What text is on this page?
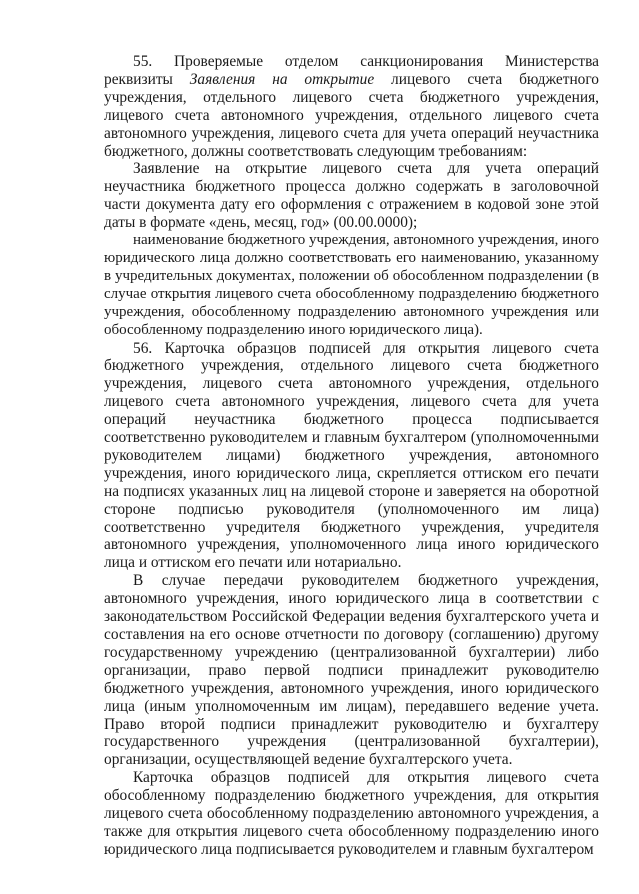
55. Проверяемые отделом санкционирования Министерства реквизиты Заявления на открытие лицевого счета бюджетного учреждения, отдельного лицевого счета бюджетного учреждения, лицевого счета автономного учреждения, отдельного лицевого счета автономного учреждения, лицевого счета для учета операций неучастника бюджетного, должны соответствовать следующим требованиям:

Заявление на открытие лицевого счета для учета операций неучастника бюджетного процесса должно содержать в заголовочной части документа дату его оформления с отражением в кодовой зоне этой даты в формате «день, месяц, год» (00.00.0000);

наименование бюджетного учреждения, автономного учреждения, иного юридического лица должно соответствовать его наименованию, указанному в учредительных документах, положении об обособленном подразделении (в случае открытия лицевого счета обособленному подразделению бюджетного учреждения, обособленному подразделению автономного учреждения или обособленному подразделению иного юридического лица).

56. Карточка образцов подписей для открытия лицевого счета бюджетного учреждения, отдельного лицевого счета бюджетного учреждения, лицевого счета автономного учреждения, отдельного лицевого счета автономного учреждения, лицевого счета для учета операций неучастника бюджетного процесса подписывается соответственно руководителем и главным бухгалтером (уполномоченными руководителем лицами) бюджетного учреждения, автономного учреждения, иного юридического лица, скрепляется оттиском его печати на подписях указанных лиц на лицевой стороне и заверяется на оборотной стороне подписью руководителя (уполномоченного им лица) соответственно учредителя бюджетного учреждения, учредителя автономного учреждения, уполномоченного лица иного юридического лица и оттиском его печати или нотариально.

В случае передачи руководителем бюджетного учреждения, автономного учреждения, иного юридического лица в соответствии с законодательством Российской Федерации ведения бухгалтерского учета и составления на его основе отчетности по договору (соглашению) другому государственному учреждению (централизованной бухгалтерии) либо организации, право первой подписи принадлежит руководителю бюджетного учреждения, автономного учреждения, иного юридического лица (иным уполномоченным им лицам), передавшего ведение учета. Право второй подписи принадлежит руководителю и бухгалтеру государственного учреждения (централизованной бухгалтерии), организации, осуществляющей ведение бухгалтерского учета.

Карточка образцов подписей для открытия лицевого счета обособленному подразделению бюджетного учреждения, для открытия лицевого счета обособленному подразделению автономного учреждения, а также для открытия лицевого счета обособленному подразделению иного юридического лица подписывается руководителем и главным бухгалтером
